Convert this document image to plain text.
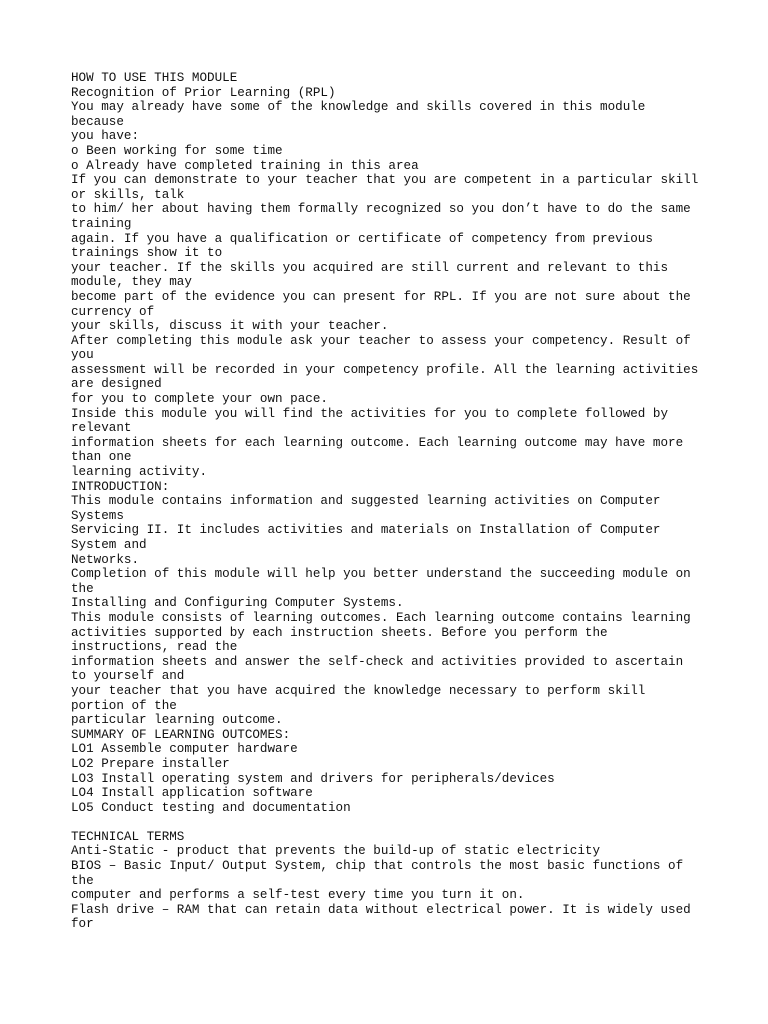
HOW TO USE THIS MODULE
Recognition of Prior Learning (RPL)
You may already have some of the knowledge and skills covered in this module
because
you have:
o Been working for some time
o Already have completed training in this area
If you can demonstrate to your teacher that you are competent in a particular skill
or skills, talk
to him/ her about having them formally recognized so you don’t have to do the same
training
again. If you have a qualification or certificate of competency from previous
trainings show it to
your teacher. If the skills you acquired are still current and relevant to this
module, they may
become part of the evidence you can present for RPL. If you are not sure about the
currency of
your skills, discuss it with your teacher.
After completing this module ask your teacher to assess your competency. Result of
you
assessment will be recorded in your competency profile. All the learning activities
are designed
for you to complete your own pace.
Inside this module you will find the activities for you to complete followed by
relevant
information sheets for each learning outcome. Each learning outcome may have more
than one
learning activity.
INTRODUCTION:
This module contains information and suggested learning activities on Computer
Systems
Servicing II. It includes activities and materials on Installation of Computer
System and
Networks.
Completion of this module will help you better understand the succeeding module on
the
Installing and Configuring Computer Systems.
This module consists of learning outcomes. Each learning outcome contains learning
activities supported by each instruction sheets. Before you perform the
instructions, read the
information sheets and answer the self-check and activities provided to ascertain
to yourself and
your teacher that you have acquired the knowledge necessary to perform skill
portion of the
particular learning outcome.
SUMMARY OF LEARNING OUTCOMES:
LO1 Assemble computer hardware
LO2 Prepare installer
LO3 Install operating system and drivers for peripherals/devices
LO4 Install application software
LO5 Conduct testing and documentation
TECHNICAL TERMS
Anti-Static - product that prevents the build-up of static electricity
BIOS – Basic Input/ Output System, chip that controls the most basic functions of
the
computer and performs a self-test every time you turn it on.
Flash drive – RAM that can retain data without electrical power. It is widely used
for
